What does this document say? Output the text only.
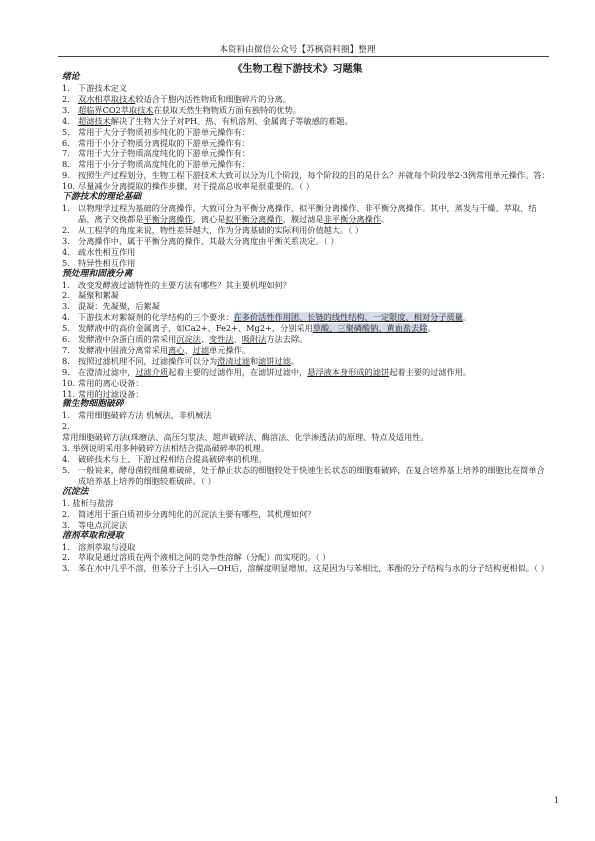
本资料由微信公众号【苏枫资料圈】整理
《生物工程下游技术》习题集
绪论
1. 下游技术定义
2. 双水相萃取技术较适合于胞内活性物质和细胞碎片的分离。
3. 超临界CO2萃取技术在获取天然生物物质方面有独特的优势。
4. 超滤技术解决了生物大分子对PH、热、有机溶剂、金属离子等敏感的难题。
5. 常用于大分子物质初步纯化的下游单元操作有：
6. 常用于小分子物质分离提取的下游单元操作有：
7. 常用于大分子物质高度纯化的下游单元操作有：
8. 常用于小分子物质高度纯化的下游单元操作有：
9. 按照生产过程划分，生物工程下游技术大致可以分为几个阶段，每个阶段的目的是什么？并就每个阶段举2-3例常用单元操作。答：
10. 尽量减少分离提取的操作步骤，对于提高总收率是很重要的。（ ）
下游技术的理论基础
1. 以物理学过程为基础的分离操作，大致可分为平衡分离操作、拟平衡分离操作、非平衡分离操作。其中，蒸发与干燥、萃取、结晶、离子交换都是平衡分离操作，离心是拟平衡分离操作，膜过滤是非平衡分离操作。
2. 从工程学的角度来说，物性差异越大，作为分离基础的实际利用价值越大。（ ）
3. 分离操作中，属于平衡分离的操作，其最大分离度由平衡关系决定。（ ）
4. 疏水性相互作用
5. 特异性相互作用
预处理和固液分离
1. 改变发酵液过滤特性的主要方法有哪些？其主要机理如何？
2. 凝聚和絮凝
3. 混凝：先凝聚，后絮凝
4. 下游技术对絮凝剂的化学结构的三个要求：在多价活性作用团、长链的线性结构、一定限度、相对分子质量。
5. 发酵液中的高价金属离子，如Ca2+、Fe2+、Mg2+，分别采用草酸、三聚磷酸钠、黄血盐去除。
6. 发酵液中杂蛋白质的常采用沉淀法、变性法、吸附法方法去除。
7. 发酵液中固液分离常采用离心、过滤单元操作。
8. 按照过滤机理不同，过滤操作可以分为澄清过滤和滤饼过滤。
9. 在澄清过滤中，过滤介质起着主要的过滤作用，在滤饼过滤中，悬浮液本身形成的滤饼起着主要的过滤作用。
10. 常用的离心设备：
11. 常用的过滤设备：
微生物细胞破碎
1. 常用细胞破碎方法 机械法，非机械法
2.
常用细胞破碎方法(珠磨法、高压匀浆法、超声破碎法、酶溶法、化学渗透法)的原理、特点及适用性。
3. 举例说明采用多种破碎方法相结合提高破碎率的机理。
4. 破碎技术与上、下游过程相结合提高破碎率的机理。
5. 一般说来，酵母菌较细菌难破碎，处于静止状态的细胞较处于快速生长状态的细胞难破碎，在复合培养基上培养的细胞比在简单合成培养基上培养的细胞较难破碎。（ ）
沉淀法
1. 盐析与盐溶
2. 简述用于蛋白质初步分离纯化的沉淀法主要有哪些，其机理如何？
3. 等电点沉淀法
溶剂萃取和浸取
1. 溶剂萃取与浸取
2. 萃取是通过溶质在两个液相之间的竞争性溶解（分配）而实现的。（ ）
3. 苯在水中几乎不溶，但苯分子上引入—OH后，溶解度明显增加，这是因为与苯相比，苯酚的分子结构与水的分子结构更相似。（ ）
1
